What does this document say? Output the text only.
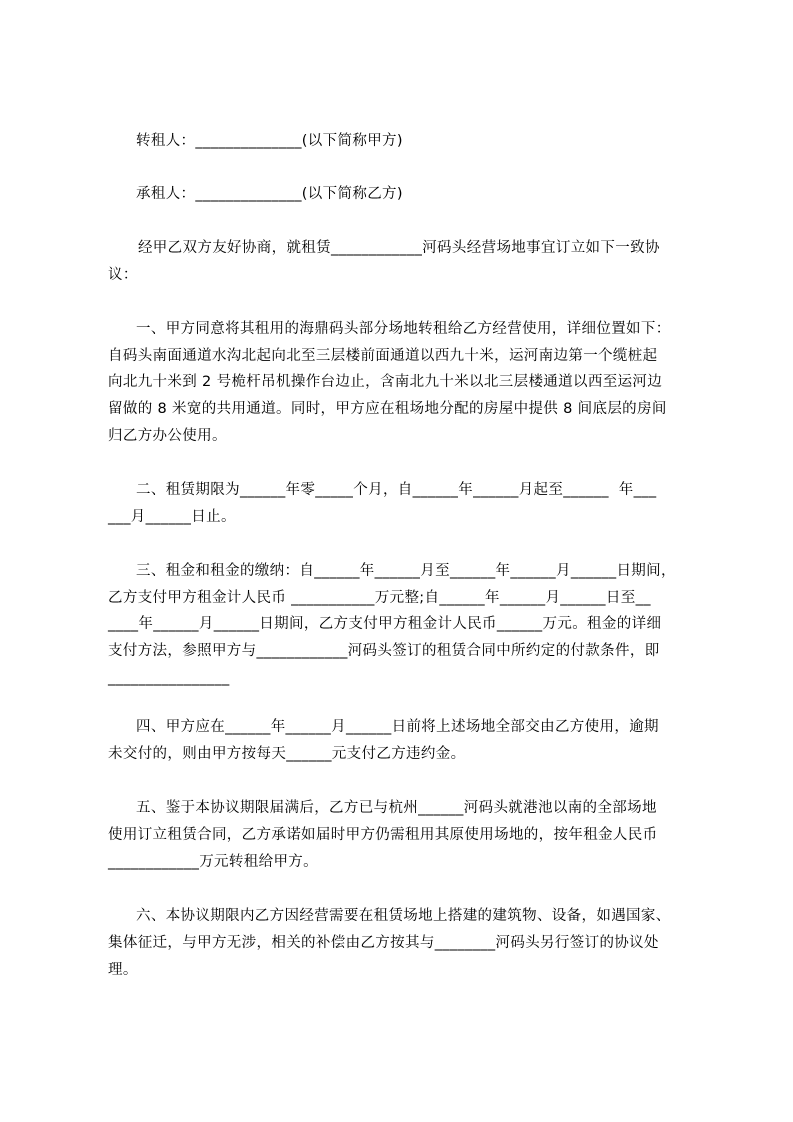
转租人：______________(以下简称甲方)
承租人：______________(以下简称乙方)
经甲乙双方友好协商，就租赁____________河码头经营场地事宜订立如下一致协
议：
一、甲方同意将其租用的海鼎码头部分场地转租给乙方经营使用，详细位置如下：
自码头南面通道水沟北起向北至三层楼前面通道以西九十米，运河南边第一个缆桩起
向北九十米到 2 号桅杆吊机操作台边止，含南北九十米以北三层楼通道以西至运河边
留做的 8 米宽的共用通道。同时，甲方应在租场地分配的房屋中提供 8 间底层的房间
归乙方办公使用。
二、租赁期限为______年零_____个月，自______年______月起至______  年___
___月______日止。
三、租金和租金的缴纳：自______年______月至______年______月______日期间，
乙方支付甲方租金计人民币 ___________万元整;自______年______月______日至__
____年______月______日期间，乙方支付甲方租金计人民币______万元。租金的详细
支付方法，参照甲方与____________河码头签订的租赁合同中所约定的付款条件，即
________________
四、甲方应在______年______月______日前将上述场地全部交由乙方使用，逾期
未交付的，则由甲方按每天______元支付乙方违约金。
五、鉴于本协议期限届满后，乙方已与杭州______河码头就港池以南的全部场地
使用订立租赁合同，乙方承诺如届时甲方仍需租用其原使用场地的，按年租金人民币
____________万元转租给甲方。
六、本协议期限内乙方因经营需要在租赁场地上搭建的建筑物、设备，如遇国家、
集体征迁，与甲方无涉，相关的补偿由乙方按其与________河码头另行签订的协议处
理。
